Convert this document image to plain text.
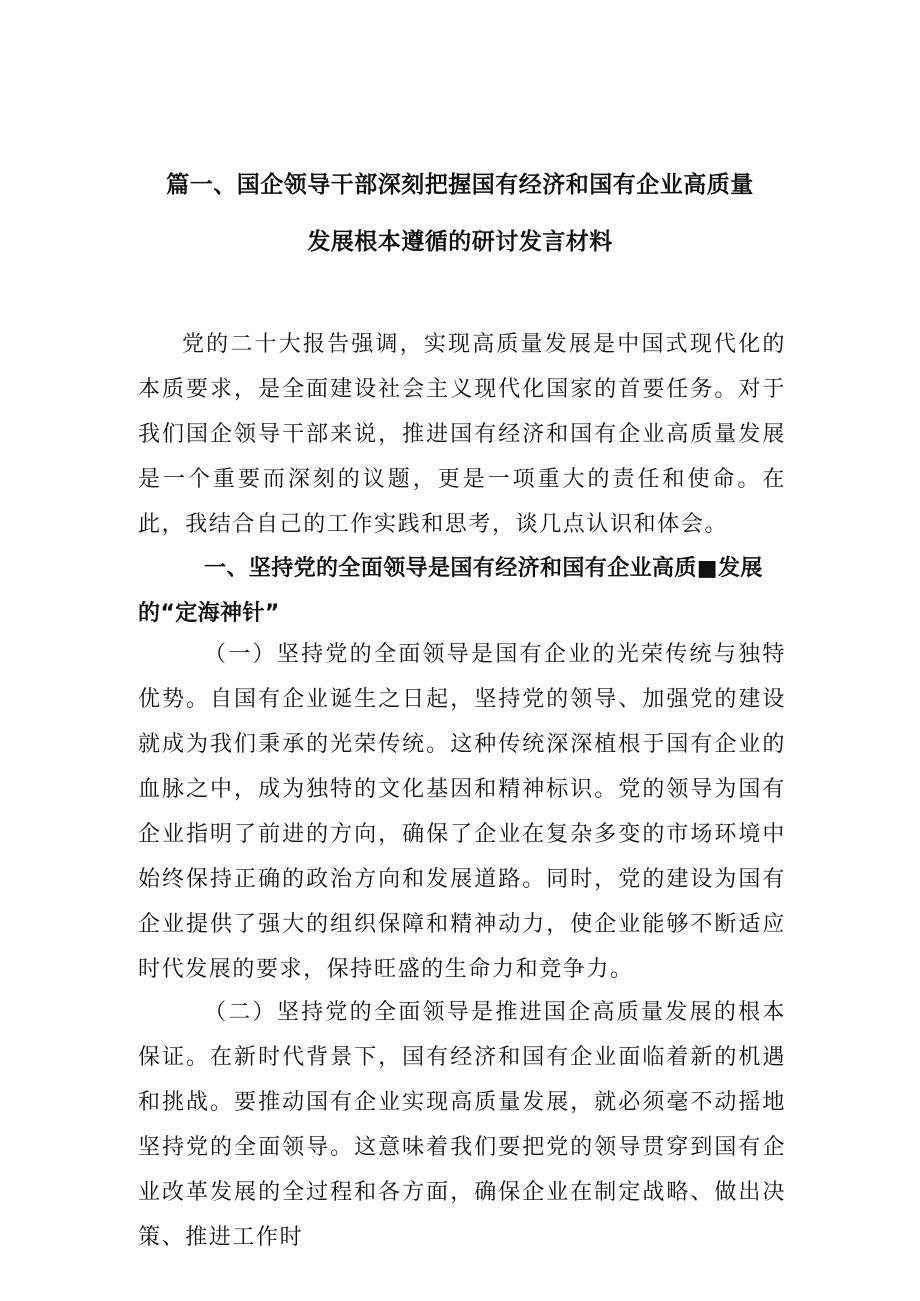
篇一、国企领导干部深刻把握国有经济和国有企业高质量
发展根本遵循的研讨发言材料

党的二十大报告强调，实现高质量发展是中国式现代化的本质要求，是全面建设社会主义现代化国家的首要任务。对于我们国企领导干部来说，推进国有经济和国有企业高质量发展是一个重要而深刻的议题，更是一项重大的责任和使命。在此，我结合自己的工作实践和思考，谈几点认识和体会。

一、坚持党的全面领导是国有经济和国有企业高质■发展的“定海神针”

（一）坚持党的全面领导是国有企业的光荣传统与独特优势。自国有企业诞生之日起，坚持党的领导、加强党的建设就成为我们秉承的光荣传统。这种传统深深植根于国有企业的血脉之中，成为独特的文化基因和精神标识。党的领导为国有企业指明了前进的方向，确保了企业在复杂多变的市场环境中始终保持正确的政治方向和发展道路。同时，党的建设为国有企业提供了强大的组织保障和精神动力，使企业能够不断适应时代发展的要求，保持旺盛的生命力和竞争力。

（二）坚持党的全面领导是推进国企高质量发展的根本保证。在新时代背景下，国有经济和国有企业面临着新的机遇和挑战。要推动国有企业实现高质量发展，就必须毫不动摇地坚持党的全面领导。这意味着我们要把党的领导贯穿到国有企业改革发展的全过程和各方面，确保企业在制定战略、做出决策、推进工作时
